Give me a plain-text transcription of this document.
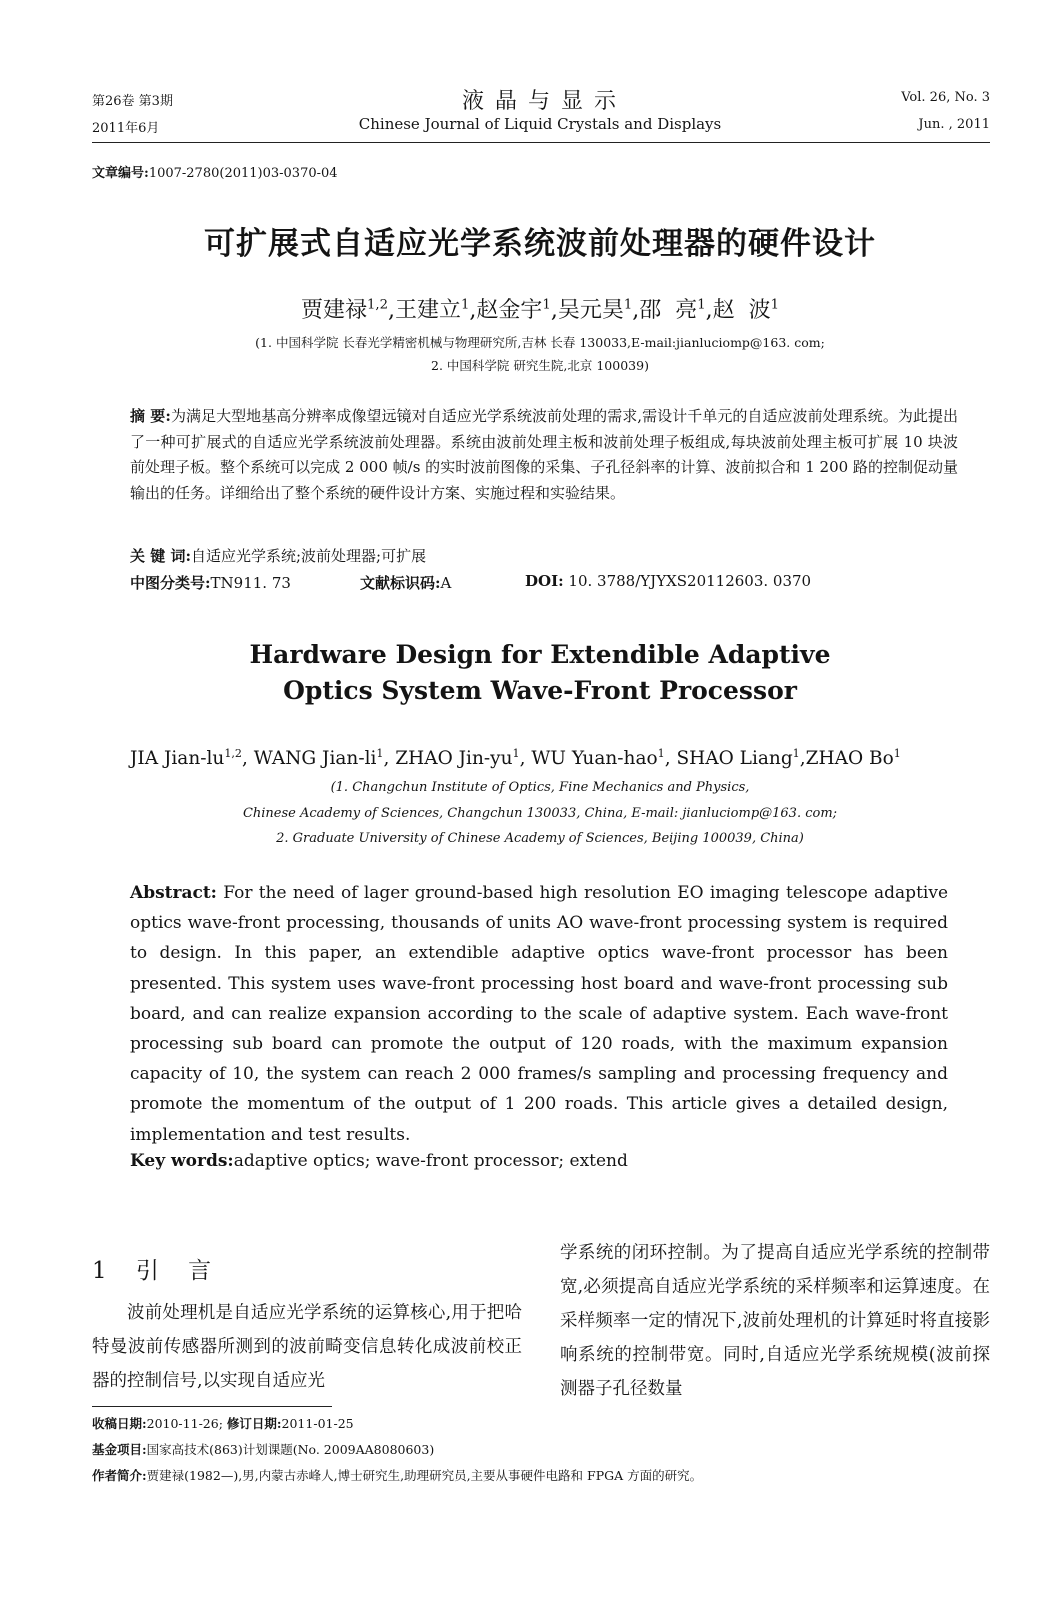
第26卷 第3期
2011年6月
液 晶 与 显 示
Chinese Journal of Liquid Crystals and Displays
Vol. 26, No. 3
Jun. , 2011
文章编号:1007-2780(2011)03-0370-04
可扩展式自适应光学系统波前处理器的硬件设计
贾建禄$^{1,2}$,王建立$^1$,赵金宇$^1$,吴元昊$^1$,邵  亮$^1$,赵  波$^1$
(1. 中国科学院 长春光学精密机械与物理研究所,吉林 长春 130033,E-mail:jianluciomp@163. com;
2. 中国科学院 研究生院,北京 100039)
摘 要:为满足大型地基高分辨率成像望远镜对自适应光学系统波前处理的需求,需设计千单元的自适应波前处理系统。为此提出了一种可扩展式的自适应光学系统波前处理器。系统由波前处理主板和波前处理子板组成,每块波前处理主板可扩展 10 块波前处理子板。整个系统可以完成 2 000 帧/s 的实时波前图像的采集、子孔径斜率的计算、波前拟合和 1 200 路的控制促动量输出的任务。详细给出了整个系统的硬件设计方案、实施过程和实验结果。
关 键 词:自适应光学系统;波前处理器;可扩展
中图分类号:TN911. 73	文献标识码:A	DOI: 10. 3788/YJYXS20112603. 0370
Hardware Design for Extendible Adaptive
Optics System Wave-Front Processor
JIA Jian-lu$^{1,2}$, WANG Jian-$li^1$, ZHAO Jin-$yu^1$, WU Yuan-hao$^1$, SHAO Liang$^1$,ZHAO Bo$^1$
(1. Changchun Institute of Optics, Fine Mechanics and Physics,
Chinese Academy of Sciences, Changchun 130033, China, E-mail: jianluciomp@163. com;
2. Graduate University of Chinese Academy of Sciences, Beijing 100039, China)
Abstract: For the need of lager ground-based high resolution EO imaging telescope adaptive optics wave-front processing, thousands of units AO wave-front processing system is required to design. In this paper, an extendible adaptive optics wave-front processor has been presented. This system uses wave-front processing host board and wave-front processing sub board, and can realize expansion according to the scale of adaptive system. Each wave-front processing sub board can promote the output of 120 roads, with the maximum expansion capacity of 10, the system can reach 2 000 frames/s sampling and processing frequency and promote the momentum of the output of 1 200 roads. This article gives a detailed design, implementation and test results.
Key words:adaptive optics; wave-front processor; extend
1 引    言
波前处理机是自适应光学系统的运算核心,用于把哈特曼波前传感器所测到的波前畸变信息转化成波前校正器的控制信号,以实现自适应光
学系统的闭环控制。为了提高自适应光学系统的控制带宽,必须提高自适应光学系统的采样频率和运算速度。在采样频率一定的情况下,波前处理机的计算延时将直接影响系统的控制带宽。同时,自适应光学系统规模(波前探测器子孔径数量
收稿日期:2010-11-26; 修订日期:2011-01-25
基金项目:国家高技术(863)计划课题(No. 2009AA8080603)
作者简介:贾建禄(1982—),男,内蒙古赤峰人,博士研究生,助理研究员,主要从事硬件电路和 FPGA 方面的研究。
